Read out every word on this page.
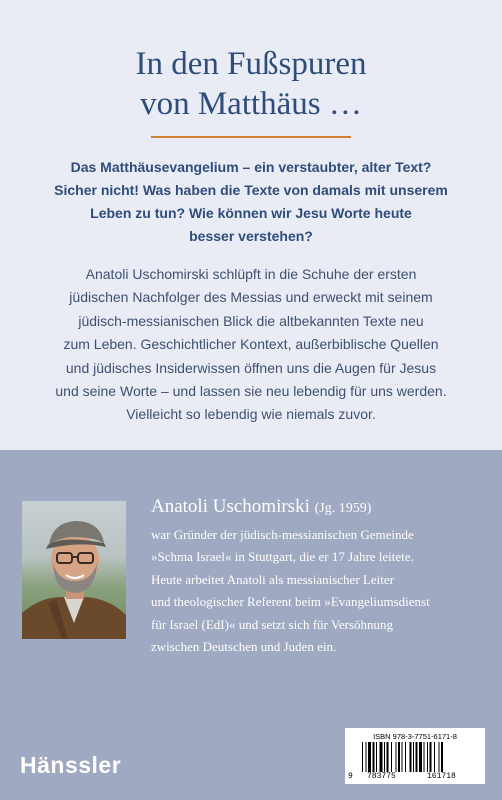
In den Fußspuren
von Matthäus …
Das Matthäusevangelium – ein verstaubter, alter Text?
Sicher nicht! Was haben die Texte von damals mit unserem
Leben zu tun? Wie können wir Jesu Worte heute
besser verstehen?
Anatoli Uschomirski schlüpft in die Schuhe der ersten
jüdischen Nachfolger des Messias und erweckt mit seinem
jüdisch-messianischen Blick die altbekannten Texte neu
zum Leben. Geschichtlicher Kontext, außerbiblische Quellen
und jüdisches Insiderwissen öffnen uns die Augen für Jesus
und seine Worte – und lassen sie neu lebendig für uns werden.
Vielleicht so lebendig wie niemals zuvor.
Anatoli Uschomirski (Jg. 1959)
war Gründer der jüdisch-messianischen Gemeinde
»Schma Israel« in Stuttgart, die er 17 Jahre leitete.
Heute arbeitet Anatoli als messianischer Leiter
und theologischer Referent beim »Evangeliumsdienst
für Israel (EdI)« und setzt sich für Versöhnung
zwischen Deutschen und Juden ein.
Hänssler
ISBN 978-3-7751-6171-8
9 783775	161718
